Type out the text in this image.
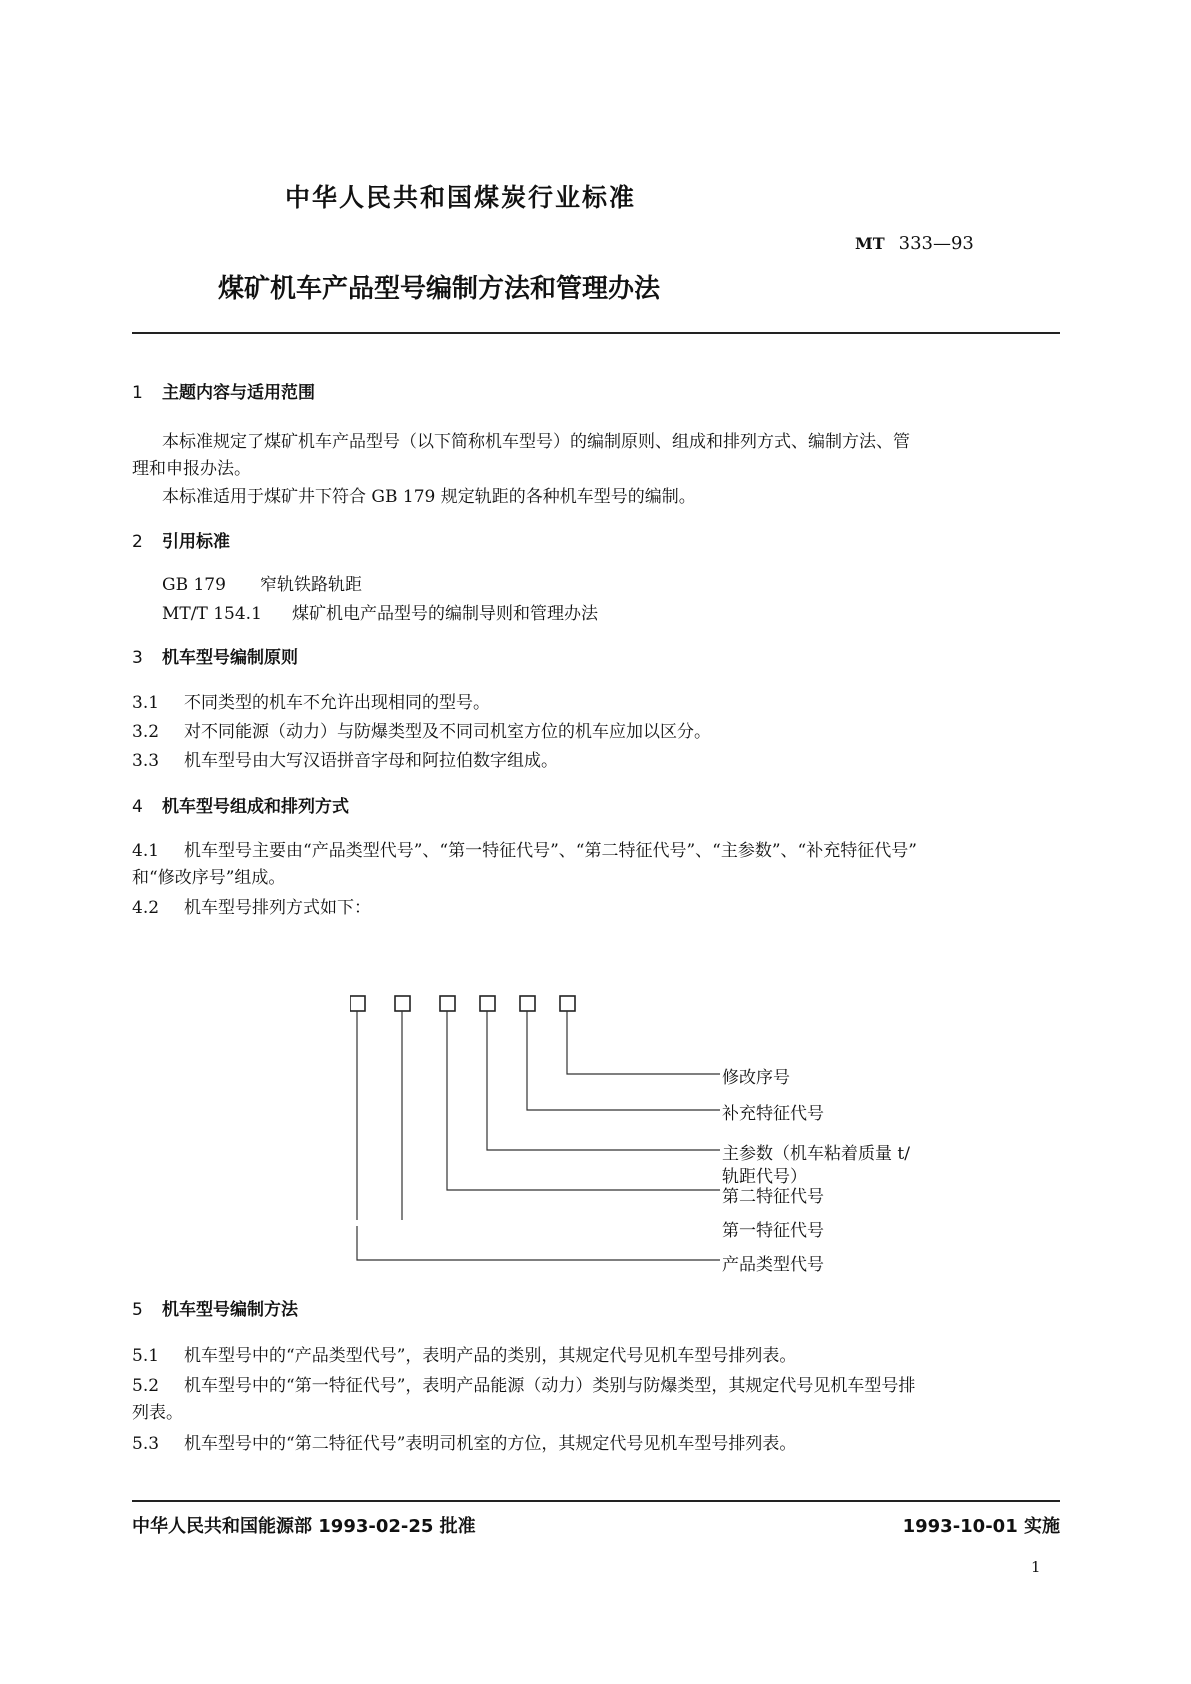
中华人民共和国煤炭行业标准
MT 333—93
煤矿机车产品型号编制方法和管理办法
1 主题内容与适用范围
本标准规定了煤矿机车产品型号（以下简称机车型号）的编制原则、组成和排列方式、编制方法、管
理和申报办法。
本标准适用于煤矿井下符合 GB 179 规定轨距的各种机车型号的编制。
2 引用标准
GB 179 窄轨铁路轨距
MT/T 154.1 煤矿机电产品型号的编制导则和管理办法
3 机车型号编制原则
3.1 不同类型的机车不允许出现相同的型号。
3.2 对不同能源（动力）与防爆类型及不同司机室方位的机车应加以区分。
3.3 机车型号由大写汉语拼音字母和阿拉伯数字组成。
4 机车型号组成和排列方式
4.1 机车型号主要由“产品类型代号”、“第一特征代号”、“第二特征代号”、“主参数”、“补充特征代号”
和“修改序号”组成。
4.2 机车型号排列方式如下：
修改序号
补充特征代号
主参数（机车粘着质量 t/
轨距代号）
第二特征代号
第一特征代号
产品类型代号
5 机车型号编制方法
5.1 机车型号中的“产品类型代号”，表明产品的类别，其规定代号见机车型号排列表。
5.2 机车型号中的“第一特征代号”，表明产品能源（动力）类别与防爆类型，其规定代号见机车型号排
列表。
5.3 机车型号中的“第二特征代号”表明司机室的方位，其规定代号见机车型号排列表。
中华人民共和国能源部 1993-02-25 批准	1993-10-01 实施
1
